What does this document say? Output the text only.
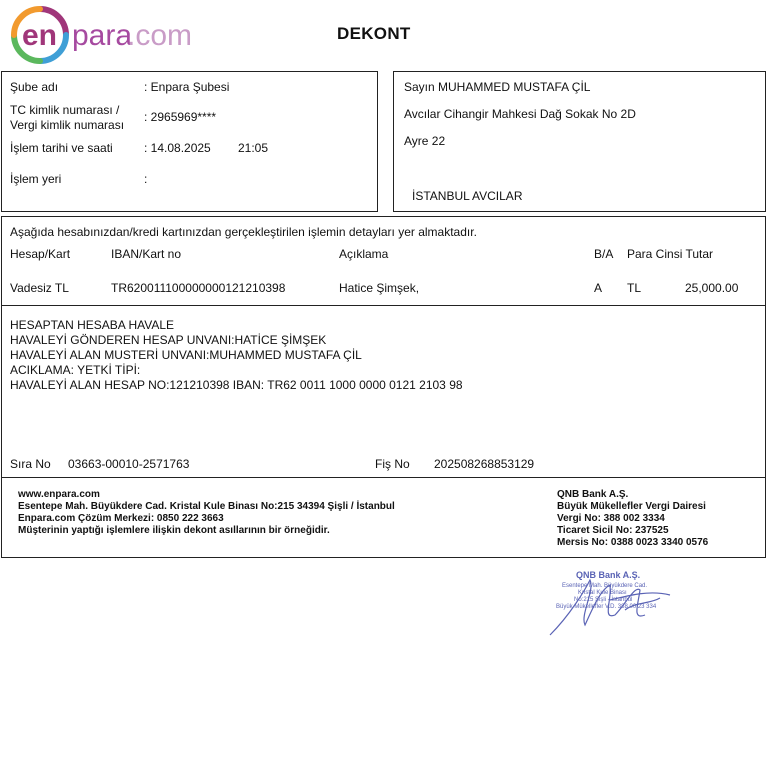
en para
.com	DEKONT
Şube adı	: Enpara Şubesi
TC kimlik numarası /
Vergi kimlik numarası
: 2965969****
İşlem tarihi ve saati	: 14.08.2025 21:05
İşlem yeri	:
Sayın MUHAMMED MUSTAFA ÇİL
Avcılar Cihangir Mahkesi Dağ Sokak No 2D
Ayre 22
İSTANBUL AVCILAR
Aşağıda hesabınızdan/kredi kartınızdan gerçekleştirilen işlemin detayları yer almaktadır.
Hesap/Kart	IBAN/Kart no	Açıklama	B/A Para Cinsi Tutar
Vadesiz TL	TR620011100000000121210398	Hatice Şimşek,	A TL	25,000.00
HESAPTAN HESABA HAVALE
HAVALEYİ GÖNDEREN HESAP UNVANI:HATİCE ŞİMŞEK
HAVALEYİ ALAN MUSTERİ UNVANI:MUHAMMED MUSTAFA ÇİL
ACIKLAMA: YETKİ TİPİ:
HAVALEYİ ALAN HESAP NO:121210398 IBAN: TR62 0011 1000 0000 0121 2103 98
Sıra No 03663-00010-2571763	Fiş No 202508268853129
www.enpara.com
Esentepe Mah. Büyükdere Cad. Kristal Kule Binası No:215 34394 Şişli / İstanbul
Enpara.com Çözüm Merkezi: 0850 222 3663
Müşterinin yaptığı işlemlere ilişkin dekont asıllarının bir örneğidir.
QNB Bank A.Ş.
Büyük Mükellefler Vergi Dairesi
Vergi No: 388 002 3334
Ticaret Sicil No: 237525
Mersis No: 0388 0023 3340 0576
QNB Bank A.Ş.
Esentepe Mah. Büyükdere Cad.
Kristal Kule Binası
No:215 Şişli - İstanbul
Büyük Mükellefler V.D. 388 00 23 334
